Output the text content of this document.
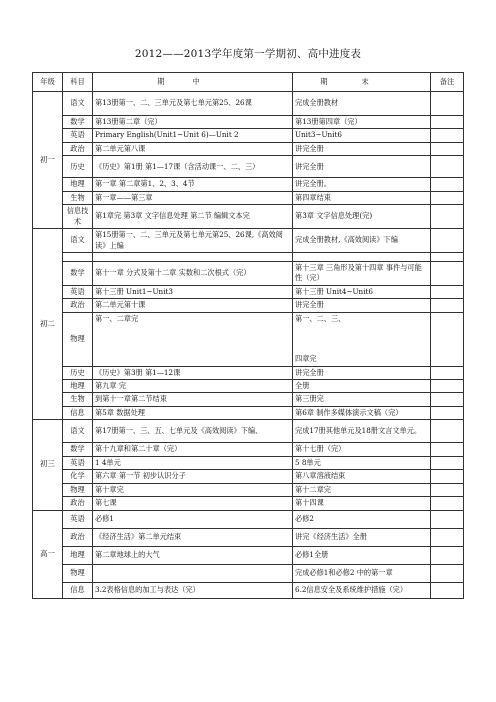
2012——2013学年度第一学期初、高中进度表
年级	科目	期中	期末	备注
初一	语文	第13册第一、二、三单元及第七单元第25、26课	完成全册教材	
	数学	第13册第二章（完）	第13册第四章（完）	
	英语	Primary English(Unit1~Unit 6)—Unit 2	Unit3~Unit6	
	政治	第二单元第八课	讲完全册	
	历史	《历史》第1册 第1—17课（含活动课一、二、三）	讲完全册	
	地理	第一章 第二章第1、2、3、4节	讲完全册。	
	生物	第一章——第三章	第四章结束	
	信息技术	第1章完 第3章 文字信息处理 第二节 编辑文本完	第3章 文字信息处理(完)	
初二	语文	第15册第一、二、三单元及第七单元第25、26课,《高效阅读》上编	完成全册教材,《高效阅读》下编	

	数学	第十一章 分式及第十二章 实数和二次根式（完）	第十三章 三角形及第十四章 事件与可能性（完）	
	英语	第十三册 Unit1~Unit3	第十三册 Unit4~Unit6	
	政治	第二单元第十课	讲完全册	
	物理	第一、二章完	第一、二、三、
四章完	

	历史	《历史》第3册 第1—12课	讲完全册	
	地理	第九章 完	全册	
	生物	到第十一章第二节结束	第三册完	
	信息	第5章 数据处理	第6章 制作多媒体演示文稿（完）	
初三	语文	第17册第一、三、五、七单元及《高效阅读》下编、	完成17册其他单元及18册文言文单元。	
	数学	第十九章和第二十章（完）	第十七册（完）	
	英语	1 4单元	5 8单元	
	化学	第六章 第一节 初步认识分子	第八章溶液结束	
	物理	第十章完	第十二章完	
	政治	第七课	第十四课	
高一	英语	必修1	必修2	
	政治	《经济生活》第二单元结束	讲完《经济生活》全册	
	地理	第二章地球上的大气	必修1全册	
	物理		完成必修1和必修2 中的第一章	
	信息	3.2表格信息的加工与表达（完）	6.2信息安全及系统维护措施（完）	
